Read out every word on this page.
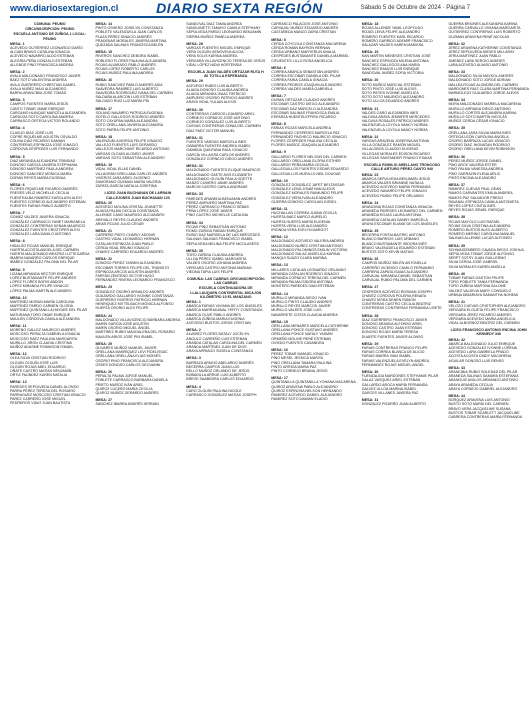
www.diariosextaregion.cl	DIARIO SEXTA REGIÓN	Sábado 5 de Octubre de 2024 · Página 7
COMUNA: PEUMO
CIRCUNSCRIPCIÓN: PEUMO
ESCUELA ANTONIO DE ZUÑIGA 1 LOCAL: PEUMO
MESA: 1
ACEVEDO GUTIÉRREZ LEONARDO DARÍO
ALCAÍN BRAVO CATALINA IGNACIA
ACEVEDO NAVARRO ALDO ESTEBAN
ALEGRÍA PEÑA GONZALO ESTEBAN
ALLENDE PINO FRANCISCA ANDREA
MESA: 2
AYALA MALDONADO FRANCISCO JAVIER
BAEZ SOTO VALENTINA ANDREA
AVILA GUERRERO CHRISTIAN DANIEL
AYALA NUÑEZ MAXI ALEJANDRO
BARRA ARANCIBIA JOSÉ TOMÁS
MESA: 3
CAMPOS FUENTES MARÍA JESÚS
CANTO TOBAR JAIME ENRIQUE
CARCAMO HUAIQUE MARCELA ALEJANDRA
CARDOZA SOTO CAROLINA ANDREA
CARRASCO ORTEGA VICTOR ROLANDO
MESA: 4
CLAVIJO DIAZ JOSÉ LUIS
COFRÉ RIQUELME AGUSTÍN OSVALDO
COLINA DIAZ RICARDO DAMIAN
CONTRERAS ESPINOZA JOSÉ IGNACIO
CÓRDOVA CÉSPEDES LUIS FERNANDO
MESA: 5
DIAZ MIRANDA ALEJANDRA TRINIDAD
DONOSO GARCÍA JAVIERA STEPHANIA
DONOSO MARTÍNEZ PAULA ANDREA
DONOSO SANCHEZ MONICA MARÍA
DORAN REYES MARÍA EUGENIA
MESA: 6
FLORES RIQUELME RICARDO ANDRÉS
FRESES VELIZ MICHELLE CECILIA
FUENTEALBA RAMIREZ KAROLAYN ALEXI
FUENTES CORNEJO ALEJANDRO ESTEBAN
FUENTES FARIAS PABLO ALBERTO
MESA: 7
GOMEZ VALDES JAVIERA IGNACIA
GONZÁLEZ CARRASCO YANET MARIANELA
GONZÁLEZ CONTRERAS KENAN MAURICIO
GONZÁLEZ FUENTES CRISTOPER ALEXI
GONZALEZ LARA DANILO ANTONIO
MESA: 8
HIDALGO ROJAS MANUEL ENRIQUE
HUERTA ACOSTA ANGELA DEL CARMEN
HUERTA MALDONADO BEATRIZ LUTTEGARDA
IBARRA NAVARRO CARLOS ENRIQUE
IBÁÑEZ GONZÁLEZ PALOMA DEL PILAR
MESA: 9
LIZANA MIRANDA HÉCTOR ENRIQUE
LOPEZ BUSTAMANTE FELIPE ANDRES
LÓPEZ FLORES BORIS ABDON
LÓPEZ MIRANDA FELIPE IGNACIO
LÓPEZ PALMA MARTÍN ALEJANDRO
MESA: 10
MARTÍNEZ MORAN MARÍA CAROLINA
MARTÍNEZ PARDO CARMEN GLORIA
MARTÍNEZ QUINTANILLA HAYDEE DEL PILAR
MATURANA TORO OMAR ENRIQUE
MAULÉN CÓRDOVA CAMILA ALEJANDRA
MESA: 11
MORENO GALLEZ MAURICIO ANDRÉS
MOSCOSO PERALTA GABRIELA IGNACIA
MOSCOSO SAEZ PAULINA MARGARITA
MURILLO JIRÓN CLAUDIA CRISTINA
MUÑOZ ADASME ROBINSON ISMAEL
MESA: 12
OLEA SILVA CRISTIAN RODRIGO
OLGUÍN OLGUÍN JOSÉ LUIS
OLGUÍN ROJAS ABEL EDUARDO
OÑATE CASTRO MATÍAS BENJAMÍN
ORTIZ FAÚNDEZ KAREN NATALIA
MESA: 13
PAREDES SEPÚLVEDA DANIEL ALONSO
PARRA PÉREZ TERESA DEL ROSARIO
PARRAGUEZ MOSCOSO CRISTIAN IGNACIO
PAREZ CARREÑO JOSÉ MIGUEL
PEDREROS VIDAT JUAN BAUTISTA
MESA: 14
PINTO OSHERO JOSELYN CONSTANZA
POBLETE VALENZUELA JUAN CARLOS
PLAZA PÉREZ IGNACIO ANDRÉS
PRADENAS MORALES JAVIERA MARTINA
QUEZADA SALINAS FRANCISCA BELÉN
MESA: 15
RIVEROS SANCHEZ DEBORA ISABEL
ROBLEDO FLORES PAULINA ALEJANDRA
ROJAS ALVARADO PABLO ANDRÉS
ROJAS LOPEZ ROBERTO CARLOS
ROJAS MUÑOZ PAULINA ANDREA
MESA: 16
RUBIO SANCHEZ PABLO ANDRÉS ASIA
SAAVEDRA RAMIREZ LUIS ALBERTO
SAAVEDRA RODRÍGUEZ IVANA DEL CARMEN
SALDAÑA ALARCON LUIS ESTEBAN
SALGADO RUIZ LUZ MARÍA PÍA
MESA: 17
SOLANO NAVARRO PATRICIA EUGENIA
SOTELO GALLEGOS RODRIGO ANDRÉS
SOTO CAYUPAN MARÍA ALEJANDRA
SOTO ORELLANA JAVIERA ALEJANDRA
SOTO PARRA FELIPE ANTONIO
MESA: 18
VALENZUELA MORGA FELIPE IGNACIO
VALLEJO FUENTES LUIS GERARDO
VALLEJOS MARCHANT RICARDO ANTONIO
VARGAS OLGUÍN ALONSO JAVIER
VARGAS SOTO SEBASTIÁN ALEJANDRO
MESA: 19
VIDAL VIDAL ELIAS DANIEL
VILLAGRÁN ORELLANA CARLOS ANDRÉS
VIVEROS JARA ARIEL EUGENIO
ZAMORANO GUZMAN MARÍA VALERIA
ZAPATA GARCÍA NATALIA JOSEFINA
LICEO JUAN BUCHANAN DE LARRAIN CALLEJONES JUAN BUCHANAN 120
MESA: 20
ACEVEDO MOLINA CRISTAL JEANETTE
ALIAGA PALMA CECILIA CONSTANZA
ALLENDE CANO MAURICIO ALEJANDRO
AREVALO REYES CLAUDIO ANDRÉS
ARIAS ROJAS JULIO CÉSAR
MESA: 21
CARREÑO PINTO CHARLY ADONIS
CASTRO VIDAL LEONARDO HERNÁN
CATALAN ESPINOZA JUAN PABLO
CERDA VIDAL BRUNO IGNACIO
CHAVEZ CARREÑO EDUARDO ANDRÉS
MESA: 22
DONOSO PEREZ YASMIN ALEJANDRA
ESCOBAR TORRES FELIPE DEL TRÁNSITO
ESPINOZA ARCOS AGUSTIN ANDRÉS
FARFÁN ZENTENO VICTOR HUGO
FERNANDEZ RIVERA LEONARDO FRANCISCO
MESA: 23
GONZÁLEZ OSORIO ARNALDO ANDRÉS
GUAJARDO GALLARDO IVONNE CONSTANZA
GUERRERO RIVEROS PATRICIO HERNAN
HENRIQUEZ MITTELBACH MÓNICA ALFONSO
HUERTA OSORIO ALEX FELIPE
MESA: 24
MALDONADO VILLAVICENCIO BÁRBARA ANDREA
MARÍN GARCÍA JOSÉ AGUSTÍN
MARÍN OSORIO MIGUEL ÁNGEL
MARTÍNEZ RUBIO MAGDALENA DEL ROSARIO
MAULÉN ARIOS JOSÉ PIN ISABEL
MESA: 25
OLIVARES MUÑOZ MANUEL JAVIER
ORELLANA MANRÍQUEZ LEVI FIDELISSAC
ORELLANA ORELLANA ELIAS MOISÉS
OSORIO PINO FRANCISCA ALEJANDRA
OSSES DONOSO CARLOS GEOVANNI
MESA: 26
PERALTA PALMA JORGE MANUEL
POBLETE CARRASCO BARBARA DANIELA
PRIETO MUÑOZ IVÁN ARIEL
QUIROZ LUCERO MARÍA CECILIA
QUIROZ MUÑOZ GERARDO ANDRÉS
MESA: 27
SANCHEZ IBARRA ANDRÉS HERNÁN
SANDOVAL DIAZ TAMIA ANDREA
SANGUINETTI TAMAYO CAMILA STEPHANY
SEPÚLVEDA PARDO LEONARDO BENJAMÍN
SIERRA MUÑOZ PAMELA ANDREA
MESA: 28
VARGAS FUENTES MIGUEL ENRIQUE
VERA OLGUÍN GENOVEVA ALICIA
VERA SOLIS KARINA ANDREA
VERGARA VILLAVICENCIO TERESA DE JESÚS
VIDAL LÓPEZ NIDIA HORTENSIA
ESCUELA JUAN VALDÉS ORTÚZAR RUTA H 86 TOTILLA ESPERANZA
MESA: 29
ACEVEDO RUBIO LUIS ALBERTO
ALIAGA DONOSO CLAUDIA ANDREA
ALIAGA MIRANDA ISAAC PATRICIO
AMPUERO OSORIO PATRICIO ANDRÉS
ARAYA VIDAL YULIAN ALEXIS
MESA: 30
CONTRERAS CARDOS LEANDRO ARIEL
CORNEJO CORNEJO JOSÉ ANTONIO
CORNEJO GONZALEZ LUIS ALBERTO
CUEVAS CONTRERAS SONIA DEL CARMEN
DIAZ PAEZ VICTOR MANUEL
MESA: 31
FUENTES VARGAS MARCELA INES
GABARRA FUENTES ANDREA ISABEL
GAMBOA QUINTANA RAUL IGNACIO
GARCÍA VILLAGRA CARLOS ANDRÉS
GONZÁLEZ CORNEJO DIEGO ANDRÉS
MESA: 32
MALDONADO FUENTES ELIQUE MAURICIO
MALDONADO GAETE AVIS ELIZABETH
MALDONADO OLGUÍN PAULA ODETTE
MANZO CUMERO JAIME ANDRÉS
MARCHI CASTRO CARLA ANDRADE
MESA: 33
PAREDES ARANEDA BENJAMIN ANDRÉS
PÉREZ AMPUERO MARTINA PAZ
PÉREZ CARRASCO FRANCO SEBAS
PEÑA LÓPEZ JOSÉ JAVIER
PINO CASTRO MICHELLE CATALINA
MESA: 34
ROJAS PINO SEBASTIÁN ANTONIO
ROMO ZUÑIGA FABIAN ENRIQUE
RUBIO DAZ MARISELA DE LAS MERCEDES
SALINAS SALINAS FRANCISCO ISABEL
SEPULVEDA MELINA FELIPE NICOLASESS
MESA: 35
TORO ZUÑIGA CLAUDIA ANDREA
ULLOA PÉREZ ISABEL MARGARITA
VALDÉS OSORIO JOHANA ANDREA
VERGARA CASTRO ANTONIA MARIAM
VIEDMA TAPIA LUIS FELIPE
COMUNA: LAS CABRAS CIRCUNSCRIPCIÓN: LAS CABRAS
ESCUELA CONTINUADORA DE LLALLAUQUEN CONTINENTAL MICAJÓN KILÓMETRO 10 EL MANZANO
MESA: 1
ABARCA FARIAS VIVIANA DE LOS ÁNGELES
ABARCA MARRADANAL YERTY CONSTANZA
ABARCA OLIVE PABLO ANDRES
ABARCA ZÚÑIGA MARIA EUGENIA
ACEVEDO BUSTOS JORGE CRISTIAN
MESA: 2
ALVAREZ FLORES NATALY JOCELYN
ANGULO CARREÑO LUIS ESTEBAN
ARANDA CATALAN CAROLINA DEL CARMEN
ARANDA MARTÍNEZ JUAN DE DIOS
ARAYA ARRIAGO SUSELA CONSTANZA
MESA: 3
BARRAZA ARMIJO ABELARDO ANDRÉS
BECERRA CAMPOS JUAN LUIS
BELLO MUÑOZ ORLANDO DE JESÚS
BOBADILLA ARRUE LUIS ALBERTO
BREVE SAABEDRA CARLOS EDUARDO
MESA: 4
CARO OLGUÍN PAULINA NICOLE
CARRASCO GONZÁLEZ MATÍAS JOSEPH
CARRASCO PALACIOS JOSÉ ANTONIO
CARVAJAL MUÑOZ EDUARDO ANDRÉS
CASTAÑEDA MANZO ZAIRA CRISTIAN
MESA: 5
CERDA COYCOLA CONSTANZA MACARENA
CERDA ROMAN BAYRON HERNAN
CERDA URBANO MARYERLIN ANALIA
CESPEDES BUSTAMANTE DANIELA MARIBEL
CIFUENTES LILLO ROSA ANGELICA
MESA: 6
CORREA ABARCA SEBASTIÁN ANDRÉS
CORREA ESCOBAR DANIELA DEL PILAR
CORREA FARIA CAMILA IGNACIA
CORREA PEDROS JOAQUIN ALEJANDRO
CORREA VALDES MARÍA GABRIELA
MESA: 7
DURAN ORTÚZAR CLAUDIO ANDRÉS
ESCOBAR CASTRO DIEGO ALEJANDRO
ESCOBAR DAZ MARCELO ALEJANDRA
ESCOBAR SALINAS FRANCISCA EMILIA
ESPARZA HUENTELEFFIRU RICARDO
MESA: 8
FARIAS ROJAS MARCELA ANDREA
FERNANDEZ CESPEDES MARCELA PAZ
FERNANDEZ PACHECO MAURICIO IGNACIO
FLORES CESPEDES PAULINA CECILIA
FLORES MUÑOZ JOAQUÍN ALEJANDRO
MESA: 9
GALLARDO FLORES NELSON DEL CARMEN
GALLARDO ORELLANA GLORIA ESTHER
GALLARDO PEÑA MARÍA CECILIA
GALLEGUILLOS FUENTES ESDAR EDUARDO
GALLEGUILLOS MURILLO NEIL DOUGAE
MESA: 10
GONZÁLEZ GONZÁLEZ JAFET BELTASSAR
GONZALEZ LEIVA JONATHAN ALEXIS
GONZÁLEZ MORALES RAIMUNDO FELIPE
GONZÁLEZ VERA IVÁN ALEJANDRO
GUERRA DONOSO CAROLAIN GISSEL
MESA: 11
HUCHALLAN CORREA JUANA CECILIA
HUERTA BAEZ MARCO AURELIO
HUERTA HUERTA MARÍA EUGENIA
HUERTA VERA LUIS ALEJANDRO
IRIONDA VERA EVELYN MARGOT
MESA: 12
MALDONADO ACEVEDO VALERIA ANDREA
MALDONADO NUÑEZ CRISTIAN ANTONIO
MALDONADO PALOMINOS EMILIN VICTORIA
MALDONADO SALAZ ANGÉLICA KARINA
MANQUI SUAZO CLARA MARINA
MESA: 13
MILLARES CATALAN LEONARDO ORLANDO
MIRANDA CATALAN RODRIGO IGNACIO
MIRANDA CORNEJO TERESA DEL CARMEN
MIRANDA PALMA ISIDORA ANTONIA
MONTERO PAREDES IVAN ESTEBAN
MESA: 14
MURILLO MIRANDA DIEGO IVAN
MURILLO PINTO CLAUDIO ANDRES
MURILLO REYES MARCOS JAVIER
MURILLO VALDES JOSE LUIS
NAVARRETE COSTA CLAUDIA ANDREA
MESA: 15
ORELLANA MENARES MARCELA CATHERINE
ORELLANA PONCE GUSTAVO ANDRÉS
ORELLANA PONCE NATALY YASMIN
ORMEÑO MOLINE RENÉ ESTEBAN
OVIEDO FUENTES CASANDRA
MESA: 16
PEREZ TOBAR MANUEL IGNACIO
PINO MESEL JESSICA MARITA
PINO ORELLANA TAMARA PAULINA
PINTO ARRIOA MARIA PAZ
PINTO CORNEJO BRIANA JESÚS
MESA: 17
QUINTANILLA QUINTANILLA YOHANA MACARENA
QUIROZ ARAVENA PABLO ALEJANDRO
QUIROZ ESPINOSA NELSON HERNANDO
RAMIREZ ACEVEDO DANIEL ALEJANDRO
RAMIREZ SOTO DAMIAN ELADIO
MESA: 18
ROJAS ALLENDE YAMIL LEOPOLDO
ROJAS LEIVA FELIPE ALEJANDRO
ROMERO FUENTES KARL RICARDO
ROMERO GARRIDO ADEMIR FRANCISCO
SALAZAR VALDES KAREN MAKIKSA
MESA: 19
SAN MARTIN MENESES CRISTIAN JOSÉ
SANCHEZ ESPINOZA MILENA ANTONIA
SANCHEZ GALLEGOS ANA MARIA
SANCHEZ RAMOS LUIS ENRIQUE
SANDOVAL NUÑEZ SOFIA VICTORIA
MESA: 20
SOTO MUÑOZ MARCIAL ESTEBAN
SOTO PINTO JOSÉ LUIS ALEXIS
SOTO REYES IVONNE ANGÉLICA
SOTO SOTO MAURICIO ALEJANDRO
SOTO ULLOA EDUARDO ANDRÉS
MESA: 21
VALDES CARO ALEJANDRA INES
VALDIVIA ARAYA JENNIFER MERCEDES
VALDIVIA ROSALES PATRICIO ANDRES
VALENZUELA LOYOLA NANCY NORMA
VALENZUELA LOYOLA NANCY NORMA
MESA: 22
VARGAS ARAVENA JOSEFINA ANTONIA
VILLA GONZÁLEZ RAMÓN MIGUEL
VILLALOBOS CLAUDIO EUGENIO
VILLEGAS MORALES EDISON RICARDO
VILLEGAS SANTANDER FRANCO ESAIAS
ESCUELA ROMILIO ARELLANO TRONCOSO CALLE ARTURO PÉREZ CANTO 940
MESA: 23
ABARCA SEPULVEDA BENJAMIN JESÚS
ABARCA VALDES BRIANNE NATALIA
ACEVEDO ACEVEDO MARÍA FERNANDA
ACEVEDO NAVARRO FELIPE IGNACIO
ACEVEDO RUBIO FELIPE ORLANDO
MESA: 24
ARANCIBIA ROJAS CONSTANZA IGNACIA
ARANEDA PAREDES LEONARDO DEL CARMEN
ARANEDA ROJAS LAURA ANTONIA
ARANEDA CATALAN DANNY MARCELA
ARAYA ESCOBAR ELIANE DE LOS ÁNGELES
MESA: 25
BECERRA FONTALBA ERIC ANTONIO
BLANCO BARRIOS LUIS URBANO
BLANCO BUSTAMANTE ISIDORA INÉS
BRAVO VALENZUELA EDUARDO ESTEBAN
BUSTOS SOTO KEVIN MATIAS
MESA: 26
CAMPOS MUÑOZ BELÉN ANTONELLA
CARREÑO VICENCIO CAMILO FERNANDO
CARRERA ZAPATA ISAIAS ALEJANDRO
CARVAJAL MIRANDA DANIEL SEBASTIAN
CARVAJAL RUBIO PALOMA DEL CARMEN
MESA: 27
CESPEDES ACEVEDO ROSMAN JOSEPH
CHAVEZ CORDOVA POLERIA RENATA
CHAVEZ MORA DENEN RAMON
CONTRERAS CASTRO CECILIA BEATRIZ
CONTRERAS CONTRERAS FERNANDA LISETE
MESA: 28
DIAZ GUERRERO FRANCISCO JAVIER
DONOSO ARANDA ALFONSO ARIEL
DONOSO CASTRO JUAN ESTEBAN
DONOSO ROJAS MARÍA TERESA
DUARTE FUENTES JAVIER ALONSO
MESA: 29
FARIAS CONTRERAS FRANCO FELIPE
FARIAS CORREA BLANCA DE ALICIO
FARIAS IBARRA IVAN ISABEL
FARIAS VALENZUELA EVELYN ANDREA
FERNANDEZ ROJAS MIGUEL ANGEL
MESA: 30
FUENZALIDA MARDONES STEFHANIE PILAR
GALAZ VASQUEZ ARIEL ESTEBAN
GALLARDO AROCA MARÍA FERNANDA
GALVEZ ULLOA MARINA ISABEL
GARCES VILLANES JAVIERA PAZ
MESA: 31
GONZALEZ PIZARRO JUAN ALBERTO
GUERRA BRIONES ALEXANDRA KARINA
GUERRA CARVALLO VIVIANA MARGARITA
GUTIERREZ CONTRERAS LUIS ROBERTO
GUZMAN ARAVENA RENÉ NICOLAS
MESA: 32
JEREZ ARAVENA KATHERINE CONSTANZA
JEREZ SEPÚLVEDA NIEVES MILLARAY
JERIA MARTINEZ JUAN PABLO
JIMENEZ LARA SERGIO ANDRES
LARA ACEVEDO ALVARO ANTONIO
MESA: 33
MALDONADO SILVA MAYKOL ANDRES
MALDONADO SOTO JORGE ADRIAN
MALLEA ROJAS ALONDRA DEL CARMEN
MARDONES RUIZ CLARA MARTINA FERNANDA
MARMOLEJO GUAJARDO JORGE ALEXIS
MESA: 34
MORA MALDONADO MARIELA MACARENA
MURILLO ARRIADA DIEGO ANTONIO
MURILLO CORTES ALEJANDRA KARINA
MURILLO SOTO MARTÍN NICOLÁS
MUÑOZ CERDA CÉSAR IGNACIO
MESA: 35
ORELLANA JARA SILVIA MARIA INES
ORTEGA LEÓN CAROLINA ANGELA
OSORIO BARRAZA LUCAS IGNACIO
OSORIO DIAZ JHONATAN RODRIGO
OSORIO ORELLANA KEVIN ROBINSON
MESA: 36
PEREZ MUÑOZ JORGE DANIEL
PINO ARCE VALERIA ESTER
PINO PALMA VANESSA ANDREA
PINO SARRAZIN ELENA ARLIC
PINTO ENCINA ALEJANDRO
MESA: 37
RAMIREZ CUEVAS PAUL DEAN
RAMOS CARVANTES EMILIA ANDREA
RAMOS PAZ SALVADOR FREDO
RAVANAL ESPINOZA CAMILA ANTONIETA
REYES LÓPEZ CINTIA INES
REYES ROJAS ISRAEL ENRIQUE
MESA: 38
ROJAS MAYOLO LUIS RAFAEL
ROJAS SILVA CRISTINA ALEJANDRA
ROMERO BUSTOS ALEX ALBERTO
ROMERO MERINO CAROLINA MANUEL
SALINAS ALLENDE LUCAS ALFONSO
MESA: 39
SCHWAIGENBERG CAVADA DIEGO JOSHUA
SEPÚLVEDA TOBAR JORGE ALFONSO
SERPT SOTSY JUAN GUILLERMO
SILVA CERDA JOSÉ GABRIEL
SILVA MORALES KAREN ANGELA
MESA: 40
TOBAR FARIAS GASTON FELIPE
TORO POBLETE TANIA FERNANDA
TORO ZUÑIGA MARTINA SALOME
VALDEZ VALDIVIA MARY CONSUELO
URBINA DIMARIAYA SAMANTHA NOHEMI
MESA: 41
VELOZO CUEVAS CRISTOPHER ALEJANDRO
VERGARA ELGUETA FELIPE FRANCISCO
VERGARA JEREZ RICARDO ANDRES
VERGARA ACEVEDO MARIA ANGELICA
VIDAL ALBORNOZ BEATRIZ DEL CARMEN
LICEO FRANCISCO ANTONIO ENCINA JOHN KENNEDY 346
MESA: 42
ABARCA BALDONADO JULIO ENRIQUE
ACEVEDO GONZALEZ IVONNE LORENA
ACEVEDO LARA GABRIELA PRADO
ACOSTA ACOSTA CINDY MACARENA
AGUILAR DONOSO LUIS RENSO
MESA: 43
ARANCIBIA RUBIO SOLEDAD DEL PILAR
ARANEDA SALINAS SAMARA ESTEFANIA
ARANGUIZ AVALOS ARMANDO ANTONIO
ARAYA ARANEDA CECILIA
ARAYA CORNEJO GABRIEL ALEJANDRO
MESA: 44
BORQUEZ ARAVENA LUIS ANTONIO
BUSTO SOTO MARÍA DEL CARMEN
BRAVO VERA JACQUELINE SUSANA
BUSTOS TOBAR SCARLETT JACQUELINE
CABRERA CONTRERAS MARÍA FERNANDA
